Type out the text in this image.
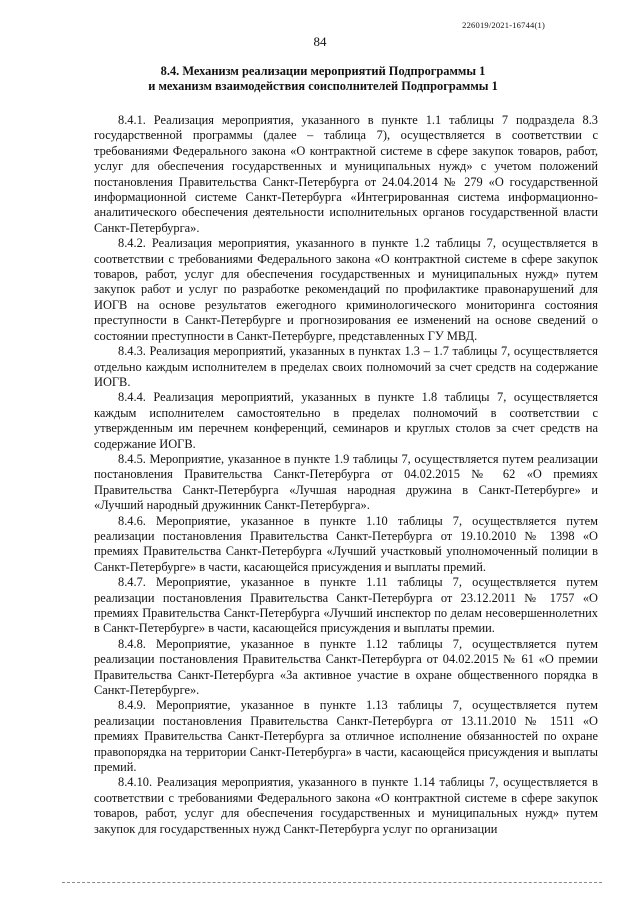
226019/2021-16744(1)
84
8.4. Механизм реализации мероприятий Подпрограммы 1
и механизм взаимодействия соисполнителей Подпрограммы 1

8.4.1. Реализация мероприятия, указанного в пункте 1.1 таблицы 7 подраздела 8.3 государственной программы (далее – таблица 7), осуществляется в соответствии с требованиями Федерального закона «О контрактной системе в сфере закупок товаров, работ, услуг для обеспечения государственных и муниципальных нужд» с учетом положений постановления Правительства Санкт-Петербурга от 24.04.2014 № 279 «О государственной информационной системе Санкт-Петербурга «Интегрированная система информационно-аналитического обеспечения деятельности исполнительных органов государственной власти Санкт-Петербурга».

8.4.2. Реализация мероприятия, указанного в пункте 1.2 таблицы 7, осуществляется в соответствии с требованиями Федерального закона «О контрактной системе в сфере закупок товаров, работ, услуг для обеспечения государственных и муниципальных нужд» путем закупок работ и услуг по разработке рекомендаций по профилактике правонарушений для ИОГВ на основе результатов ежегодного криминологического мониторинга состояния преступности в Санкт-Петербурге и прогнозирования ее изменений на основе сведений о состоянии преступности в Санкт-Петербурге, представленных ГУ МВД.

8.4.3. Реализация мероприятий, указанных в пунктах 1.3 – 1.7 таблицы 7, осуществляется отдельно каждым исполнителем в пределах своих полномочий за счет средств на содержание ИОГВ.

8.4.4. Реализация мероприятий, указанных в пункте 1.8 таблицы 7, осуществляется каждым исполнителем самостоятельно в пределах полномочий в соответствии с утвержденным им перечнем конференций, семинаров и круглых столов за счет средств на содержание ИОГВ.

8.4.5. Мероприятие, указанное в пункте 1.9 таблицы 7, осуществляется путем реализации постановления Правительства Санкт-Петербурга от 04.02.2015 № 62 «О премиях Правительства Санкт-Петербурга «Лучшая народная дружина в Санкт-Петербурге» и «Лучший народный дружинник Санкт-Петербурга».

8.4.6. Мероприятие, указанное в пункте 1.10 таблицы 7, осуществляется путем реализации постановления Правительства Санкт-Петербурга от 19.10.2010 № 1398 «О премиях Правительства Санкт-Петербурга «Лучший участковый уполномоченный полиции в Санкт-Петербурге» в части, касающейся присуждения и выплаты премий.

8.4.7. Мероприятие, указанное в пункте 1.11 таблицы 7, осуществляется путем реализации постановления Правительства Санкт-Петербурга от 23.12.2011 № 1757 «О премиях Правительства Санкт-Петербурга «Лучший инспектор по делам несовершеннолетних в Санкт-Петербурге» в части, касающейся присуждения и выплаты премии.

8.4.8. Мероприятие, указанное в пункте 1.12 таблицы 7, осуществляется путем реализации постановления Правительства Санкт-Петербурга от 04.02.2015 № 61 «О премии Правительства Санкт-Петербурга «За активное участие в охране общественного порядка в Санкт-Петербурге».

8.4.9. Мероприятие, указанное в пункте 1.13 таблицы 7, осуществляется путем реализации постановления Правительства Санкт-Петербурга от 13.11.2010 № 1511 «О премиях Правительства Санкт-Петербурга за отличное исполнение обязанностей по охране правопорядка на территории Санкт-Петербурга» в части, касающейся присуждения и выплаты премий.

8.4.10. Реализация мероприятия, указанного в пункте 1.14 таблицы 7, осуществляется в соответствии с требованиями Федерального закона «О контрактной системе в сфере закупок товаров, работ, услуг для обеспечения государственных и муниципальных нужд» путем закупок для государственных нужд Санкт-Петербурга услуг по организации
